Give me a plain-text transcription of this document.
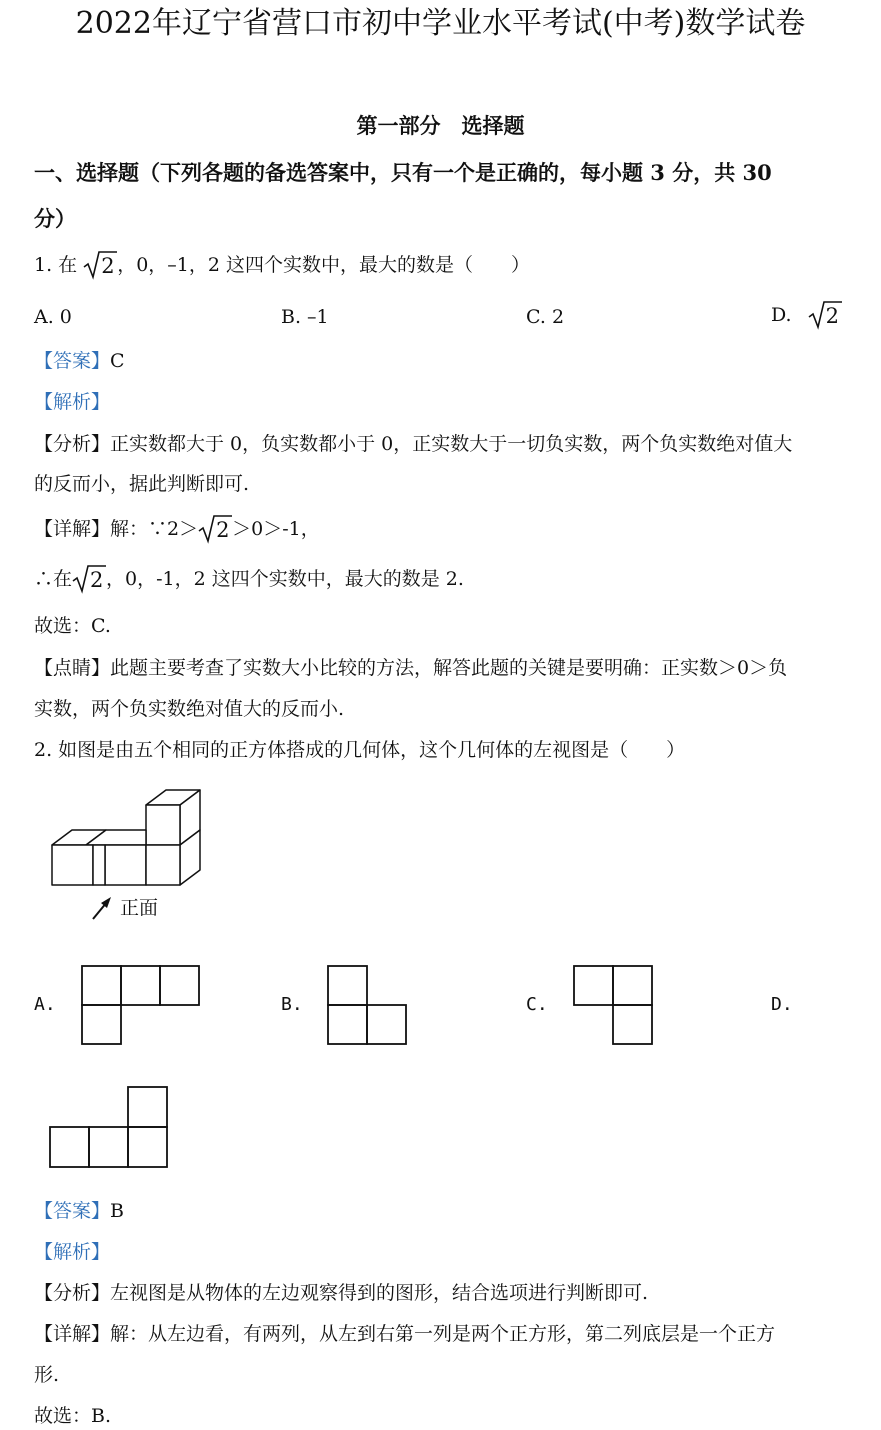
2022年辽宁省营口市初中学业水平考试(中考)数学试卷
第一部分　选择题
一、选择题（下列各题的备选答案中，只有一个是正确的，每小题 3 分，共 30
分）
1. 在 2 ，0，–1，2 这四个实数中，最大的数是（　　）
A. 0	B. –1	C. 2	D. 2
【答案】C
【解析】
【分析】正实数都大于 0，负实数都小于 0，正实数大于一切负实数，两个负实数绝对值大
的反而小，据此判断即可.
【详解】解：∵2＞ 2 ＞0＞-1，
∴在 2 ，0，-1，2 这四个实数中，最大的数是 2.
故选：C.
【点睛】此题主要考查了实数大小比较的方法，解答此题的关键是要明确：正实数＞0＞负
实数，两个负实数绝对值大的反而小.
2. 如图是由五个相同的正方体搭成的几何体，这个几何体的左视图是（　　）
正面
A.	B.	C.	D.
【答案】B
【解析】
【分析】左视图是从物体的左边观察得到的图形，结合选项进行判断即可.
【详解】解：从左边看，有两列，从左到右第一列是两个正方形，第二列底层是一个正方
形.
故选：B.
